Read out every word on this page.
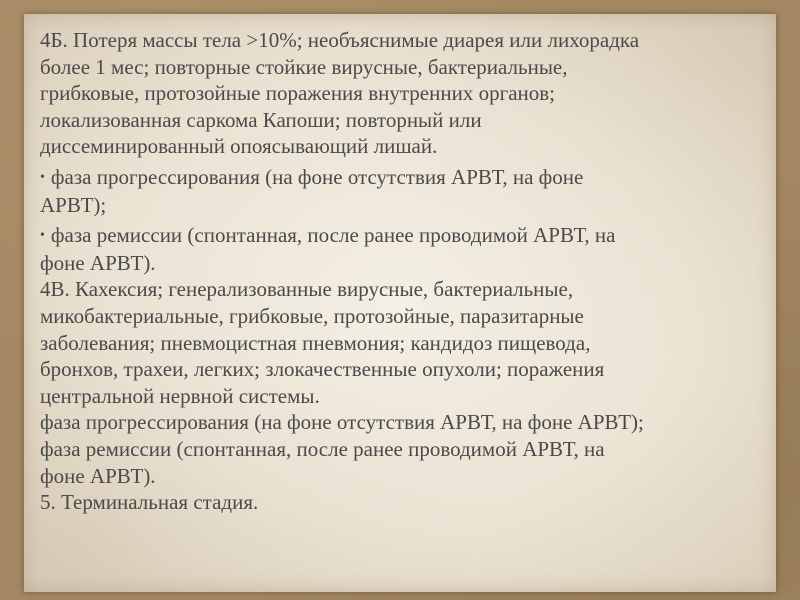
4Б. Потеря массы тела >10%; необъяснимые диарея или лихорадка
более 1 мес; повторные стойкие вирусные, бактериальные,
грибковые, протозойные поражения внутренних органов;
локализованная саркома Капоши; повторный или
диссеминированный опоясывающий лишай.
• фаза прогрессирования (на фоне отсутствия АРВТ, на фоне
АРВТ);
• фаза ремиссии (спонтанная, после ранее проводимой АРВТ, на
фоне АРВТ).
4В. Кахексия; генерализованные вирусные, бактериальные,
микобактериальные, грибковые, протозойные, паразитарные
заболевания; пневмоцистная пневмония; кандидоз пищевода,
бронхов, трахеи, легких; злокачественные опухоли; поражения
центральной нервной системы.
фаза прогрессирования (на фоне отсутствия АРВТ, на фоне АРВТ);
фаза ремиссии (спонтанная, после ранее проводимой АРВТ, на
фоне АРВТ).
5. Терминальная стадия.
